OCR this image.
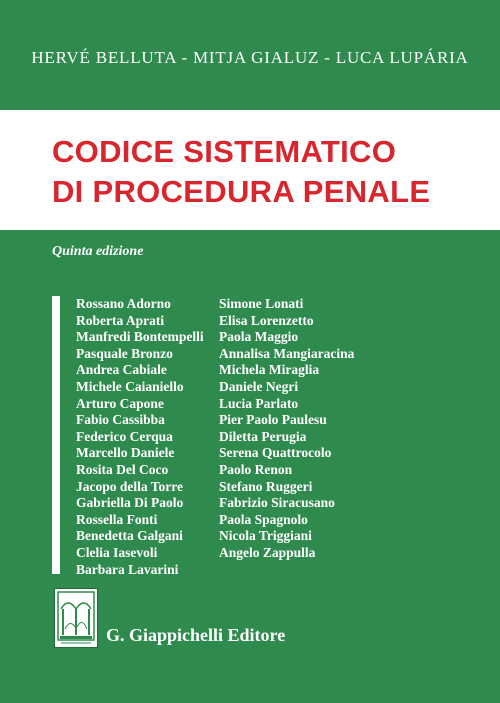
HERVÉ BELLUTA - MITJA GIALUZ - LUCA LUPÁRIA
CODICE SISTEMATICO
DI PROCEDURA PENALE
Quinta edizione
Rossano Adorno
Roberta Aprati
Manfredi Bontempelli
Pasquale Bronzo
Andrea Cabiale
Michele Caianiello
Arturo Capone
Fabio Cassibba
Federico Cerqua
Marcello Daniele
Rosita Del Coco
Jacopo della Torre
Gabriella Di Paolo
Rossella Fonti
Benedetta Galgani
Clelia Iasevoli
Barbara Lavarini
Simone Lonati
Elisa Lorenzetto
Paola Maggio
Annalisa Mangiaracina
Michela Miraglia
Daniele Negri
Lucia Parlato
Pier Paolo Paulesu
Diletta Perugia
Serena Quattrocolo
Paolo Renon
Stefano Ruggeri
Fabrizio Siracusano
Paola Spagnolo
Nicola Triggiani
Angelo Zappulla
G. Giappichelli Editore
